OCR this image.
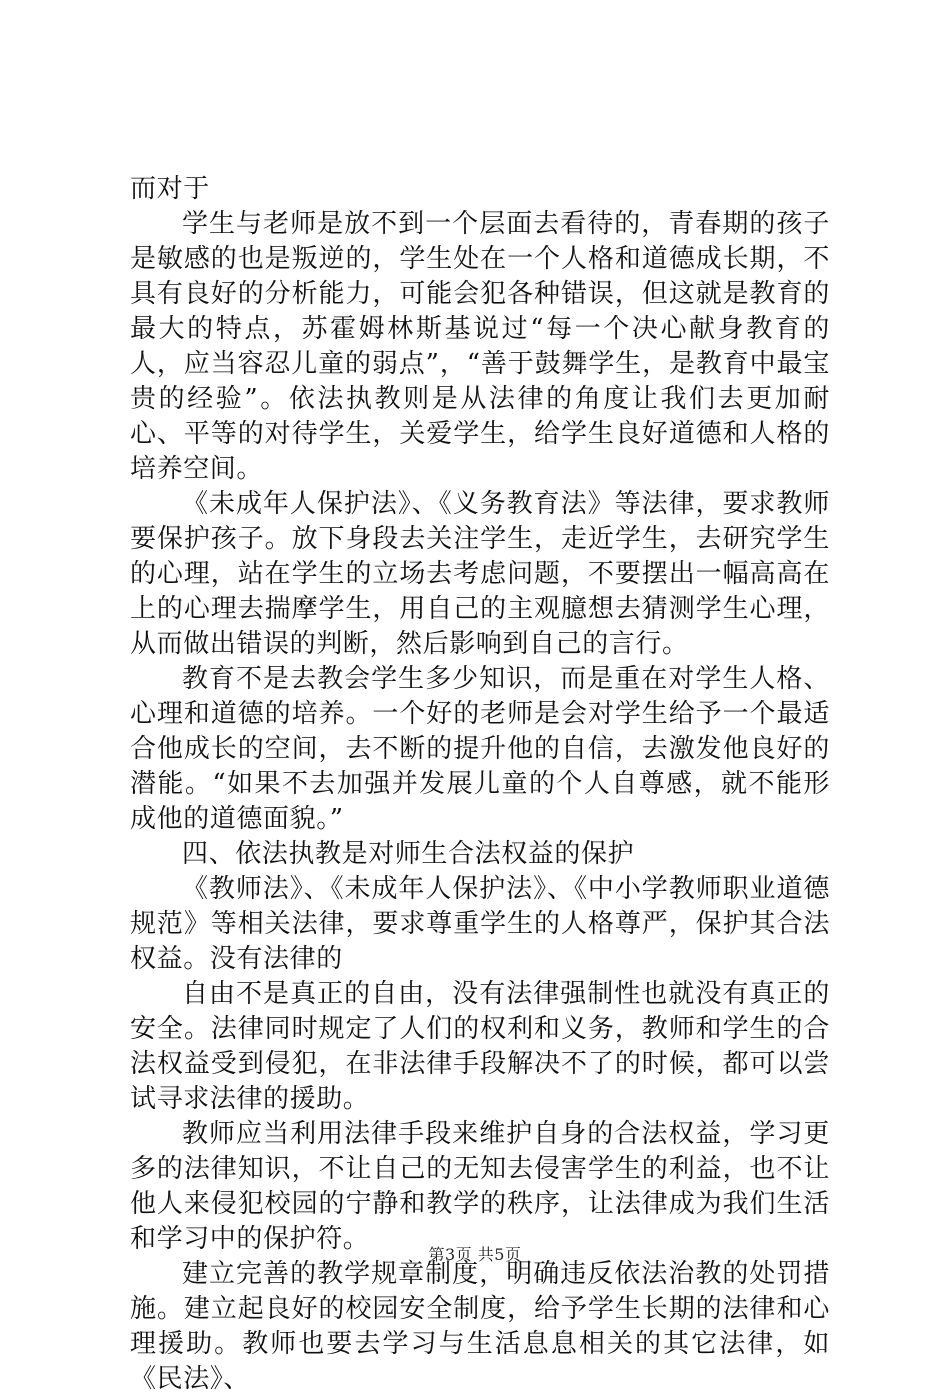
而对于

学生与老师是放不到一个层面去看待的，青春期的孩子是敏感的也是叛逆的，学生处在一个人格和道德成长期，不具有良好的分析能力，可能会犯各种错误，但这就是教育的最大的特点，苏霍姆林斯基说过“每一个决心献身教育的人，应当容忍儿童的弱点”，“善于鼓舞学生，是教育中最宝贵的经验”。依法执教则是从法律的角度让我们去更加耐心、平等的对待学生，关爱学生，给学生良好道德和人格的培养空间。

《未成年人保护法》、《义务教育法》等法律，要求教师要保护孩子。放下身段去关注学生，走近学生，去研究学生的心理，站在学生的立场去考虑问题，不要摆出一幅高高在上的心理去揣摩学生，用自己的主观臆想去猜测学生心理，从而做出错误的判断，然后影响到自己的言行。

教育不是去教会学生多少知识，而是重在对学生人格、心理和道德的培养。一个好的老师是会对学生给予一个最适合他成长的空间，去不断的提升他的自信，去激发他良好的潜能。“如果不去加强并发展儿童的个人自尊感，就不能形成他的道德面貌。”

四、依法执教是对师生合法权益的保护

《教师法》、《未成年人保护法》、《中小学教师职业道德规范》等相关法律，要求尊重学生的人格尊严，保护其合法权益。没有法律的

自由不是真正的自由，没有法律强制性也就没有真正的安全。法律同时规定了人们的权利和义务，教师和学生的合法权益受到侵犯，在非法律手段解决不了的时候，都可以尝试寻求法律的援助。

教师应当利用法律手段来维护自身的合法权益，学习更多的法律知识，不让自己的无知去侵害学生的利益，也不让他人来侵犯校园的宁静和教学的秩序，让法律成为我们生活和学习中的保护符。

建立完善的教学规章制度，明确违反依法治教的处罚措施。建立起良好的校园安全制度，给予学生长期的法律和心理援助。教师也要去学习与生活息息相关的其它法律，如《民法》、

第3页 共5页
